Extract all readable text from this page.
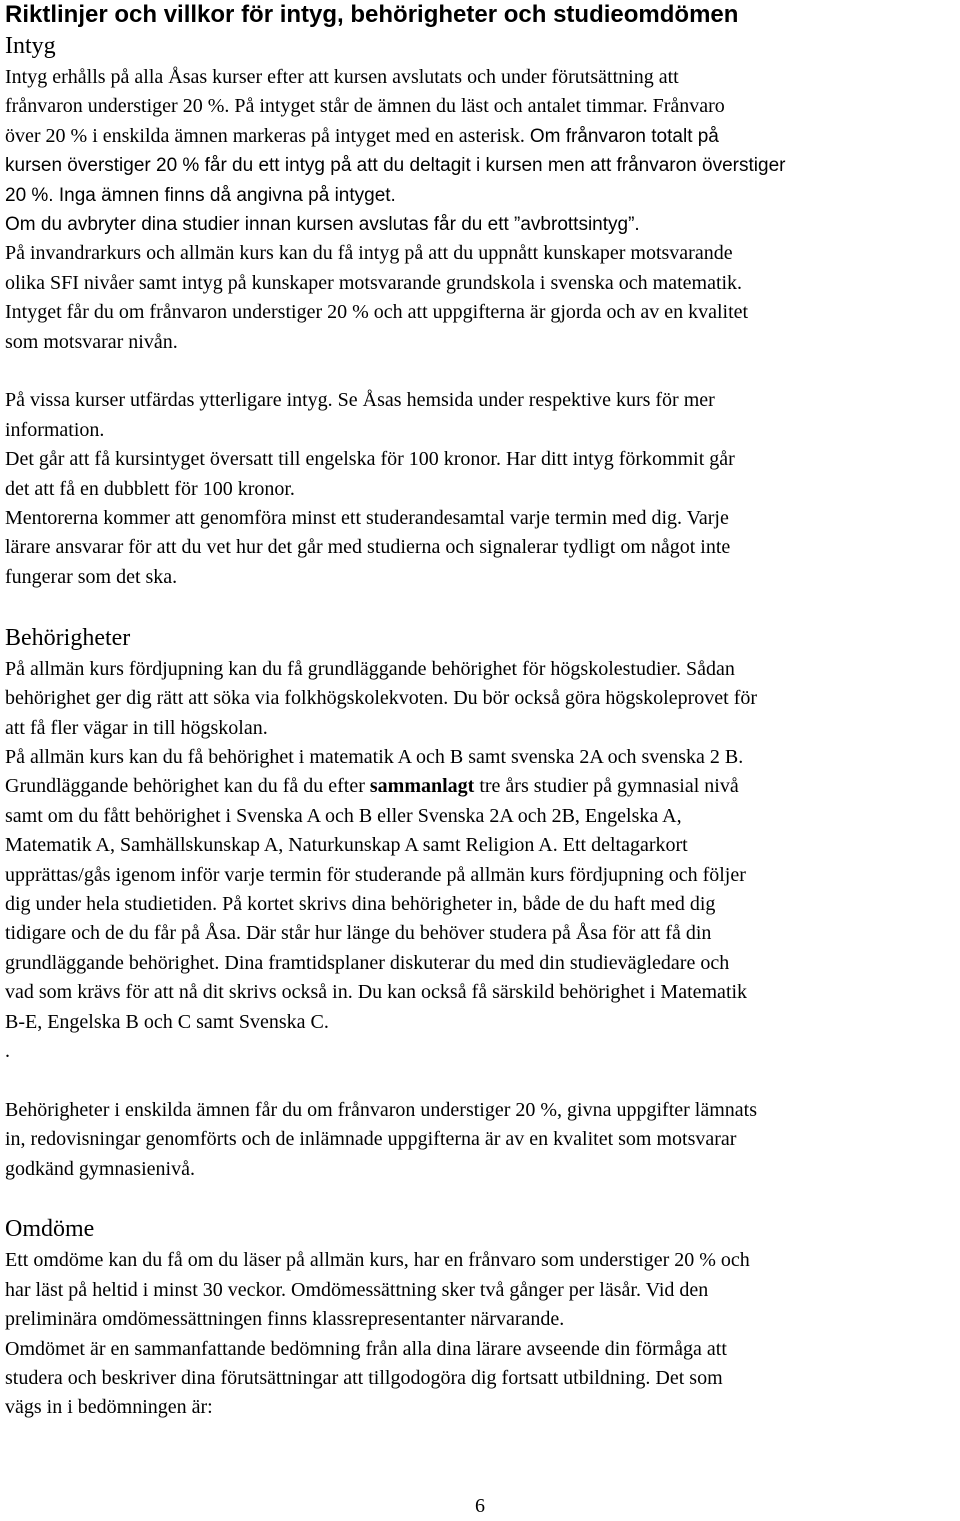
Riktlinjer och villkor för intyg, behörigheter och studieomdömen
Intyg

Intyg erhålls på alla Åsas kurser efter att kursen avslutats och under förutsättning att

frånvaron understiger 20 %. På intyget står de ämnen du läst och antalet timmar. Frånvaro

över 20 % i enskilda ämnen markeras på intyget med en asterisk. Om frånvaron totalt på

kursen överstiger 20 % får du ett intyg på att du deltagit i kursen men att frånvaron överstiger

20 %. Inga ämnen finns då angivna på intyget.

Om du avbryter dina studier innan kursen avslutas får du ett ”avbrottsintyg”.

På invandrarkurs och allmän kurs kan du få intyg på att du uppnått kunskaper motsvarande

olika SFI nivåer samt intyg på kunskaper motsvarande grundskola i svenska och matematik.

Intyget får du om frånvaron understiger 20 % och att uppgifterna är gjorda och av en kvalitet

som motsvarar nivån.

På vissa kurser utfärdas ytterligare intyg. Se Åsas hemsida under respektive kurs för mer

information.

Det går att få kursintyget översatt till engelska för 100 kronor. Har ditt intyg förkommit går

det att få en dubblett för 100 kronor.

Mentorerna kommer att genomföra minst ett studerandesamtal varje termin med dig. Varje

lärare ansvarar för att du vet hur det går med studierna och signalerar tydligt om något inte

fungerar som det ska.

Behörigheter

På allmän kurs fördjupning kan du få grundläggande behörighet för högskolestudier. Sådan

behörighet ger dig rätt att söka via folkhögskolekvoten. Du bör också göra högskoleprovet för

att få fler vägar in till högskolan.

På allmän kurs kan du få behörighet i matematik A och B samt svenska 2A och svenska 2 B.

Grundläggande behörighet kan du få du efter sammanlagt tre års studier på gymnasial nivå

samt om du fått behörighet i Svenska A och B eller Svenska 2A och 2B, Engelska A,

Matematik A, Samhällskunskap A, Naturkunskap A samt Religion A. Ett deltagarkort

upprättas/gås igenom inför varje termin för studerande på allmän kurs fördjupning och följer

dig under hela studietiden. På kortet skrivs dina behörigheter in, både de du haft med dig

tidigare och de du får på Åsa. Där står hur länge du behöver studera på Åsa för att få din

grundläggande behörighet. Dina framtidsplaner diskuterar du med din studievägledare och

vad som krävs för att nå dit skrivs också in. Du kan också få särskild behörighet i Matematik

B-E, Engelska B och C samt Svenska C.

.

Behörigheter i enskilda ämnen får du om frånvaron understiger 20 %, givna uppgifter lämnats

in, redovisningar genomförts och de inlämnade uppgifterna är av en kvalitet som motsvarar

godkänd gymnasienivå.

Omdöme

Ett omdöme kan du få om du läser på allmän kurs, har en frånvaro som understiger 20 % och

har läst på heltid i minst 30 veckor. Omdömessättning sker två gånger per läsår. Vid den

preliminära omdömessättningen finns klassrepresentanter närvarande.

Omdömet är en sammanfattande bedömning från alla dina lärare avseende din förmåga att

studera och beskriver dina förutsättningar att tillgodogöra dig fortsatt utbildning. Det som

vägs in i bedömningen är:

6
